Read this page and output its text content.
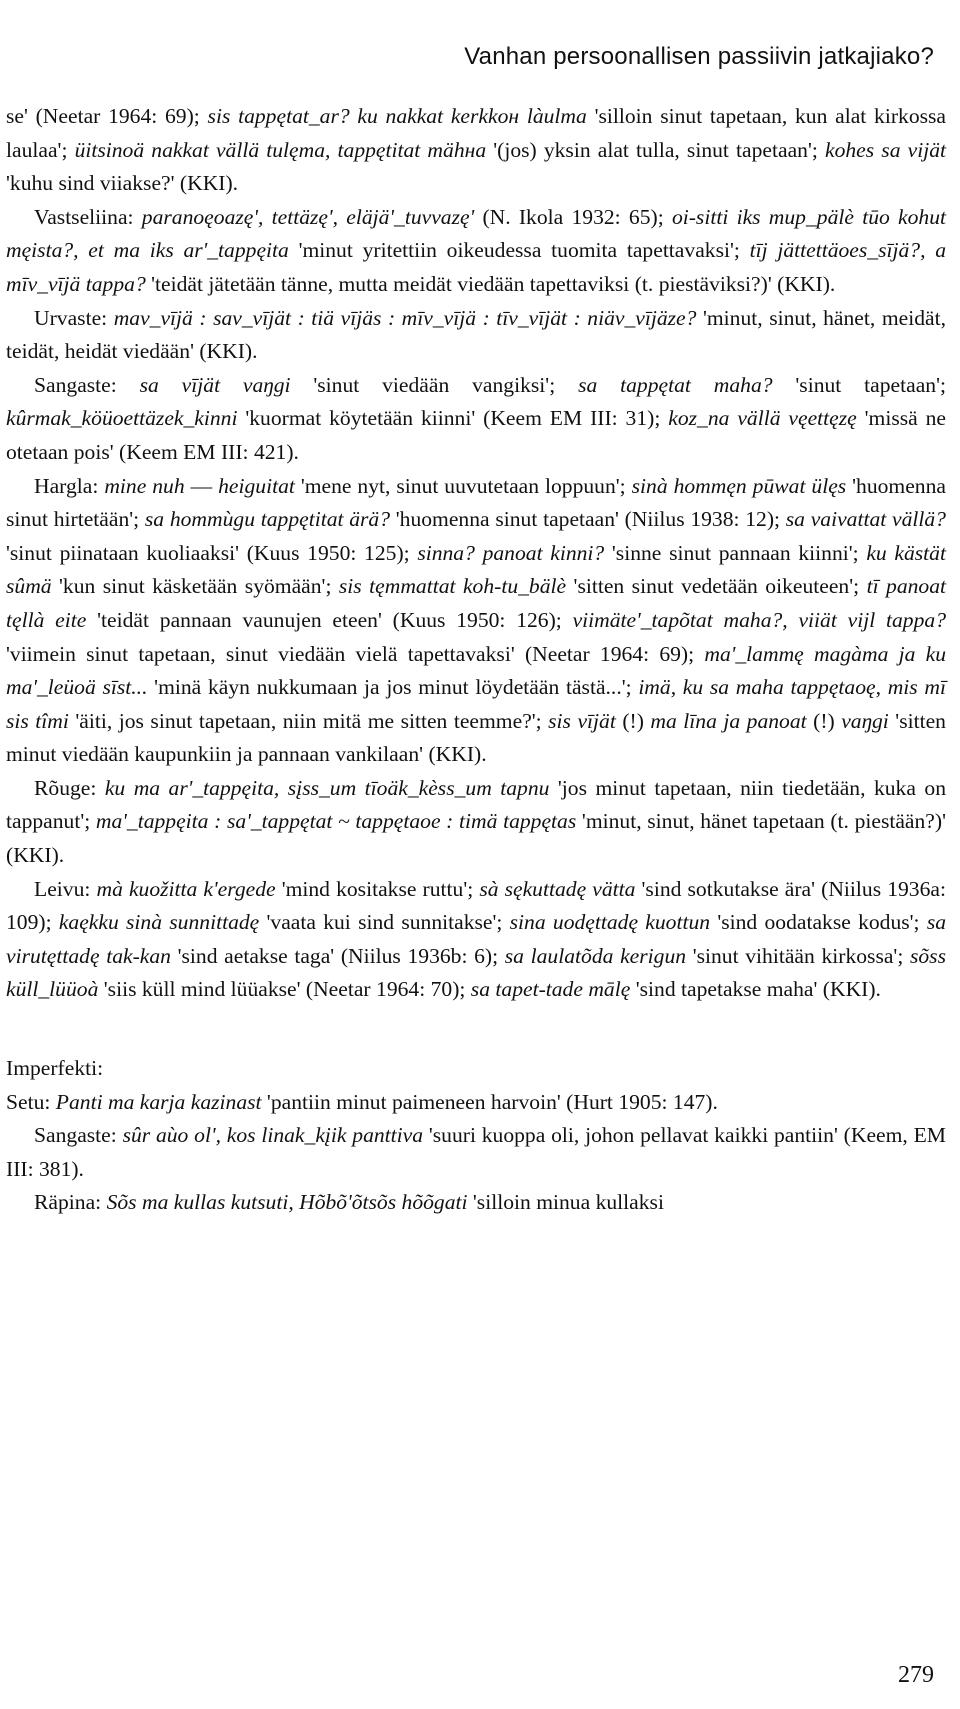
Vanhan persoonallisen passiivin jatkajiako?

se' (Neetar 1964: 69); sis tappętat_ar? ku nakkat kerkkoн làulma 'silloin sinut tapetaan, kun alat kirkossa laulaa'; üitsinoä nakkat vällä tulęma, tappętitat mähнa '(jos) yksin alat tulla, sinut tapetaan'; kohes sa vijät 'kuhu sind viiakse?' (KKI).

Vastseliina: paranoęoazę', tettäzę', eläjä'_tuvvazę' (N. Ikola 1932: 65); oi-sitti iks mup_pälè tūo kohut męista?, et ma iks ar'_tappęita 'minut yritettiin oikeudessa tuomita tapettavaksi'; tīj jättettäoes_sījä?, a mīv_vījä tappa? 'teidät jätetään tänne, mutta meidät viedään tapettaviksi (t. piestäviksi?)' (KKI).

Urvaste: mav_vījä : sav_vījät : tiä vījäs : mīv_vījä : tīv_vījät : niäv_vījäze? 'minut, sinut, hänet, meidät, teidät, heidät viedään' (KKI).

Sangaste: sa vījät vaŋgi 'sinut viedään vangiksi'; sa tappętat maha? 'sinut tapetaan'; kûrmak_köüoettäzek_kinni 'kuormat köytetään kiinni' (Keem EM III: 31); koz_na vällä vęettęzę 'missä ne otetaan pois' (Keem EM III: 421).

Hargla: mine nuh — heiguitat 'mene nyt, sinut uuvutetaan loppuun'; sinà hommęn pūwat ülęs 'huomenna sinut hirtetään'; sa hommùgu tappętitat ärä? 'huomenna sinut tapetaan' (Niilus 1938: 12); sa vaivattat vällä? 'sinut piinataan kuoliaaksi' (Kuus 1950: 125); sinna? panoat kinni? 'sinne sinut pannaan kiinni'; ku kästät sûmä 'kun sinut käsketään syömään'; sis tęmmattat koh-tu_bälè 'sitten sinut vedetään oikeuteen'; tī panoat tęllà eite 'teidät pannaan vaunujen eteen' (Kuus 1950: 126); viimäte'_tapõtat maha?, viiät vijl tappa? 'viimein sinut tapetaan, sinut viedään vielä tapettavaksi' (Neetar 1964: 69); ma'_lammę magàma ja ku ma'_leüoä sīst... 'minä käyn nukkumaan ja jos minut löydetään tästä...'; imä, ku sa maha tappętaoę, mis mī sis tîmi 'äiti, jos sinut tapetaan, niin mitä me sitten teemme?'; sis vījät (!) ma līna ja panoat (!) vaŋgi 'sitten minut viedään kaupunkiin ja pannaan vankilaan' (KKI).

Rõuge: ku ma ar'_tappęita, sįss_um tīoäk_kèss_um tapnu 'jos minut tapetaan, niin tiedetään, kuka on tappanut'; ma'_tappęita : sa'_tappętat ~ tappętaoe : timä tappętas 'minut, sinut, hänet tapetaan (t. piestään?)' (KKI).

Leivu: mà kuožitta k'ergede 'mind kositakse ruttu'; sà sękuttadę vätta 'sind sotkutakse ära' (Niilus 1936a: 109); kaękku sinà sunnittadę 'vaata kui sind sunnitakse'; sina uodęttadę kuottun 'sind oodatakse kodus'; sa virutęttadę tak-kan 'sind aetakse taga' (Niilus 1936b: 6); sa laulatõda kerigun 'sinut vihitään kirkossa'; sõss küll_lüüoà 'siis küll mind lüüakse' (Neetar 1964: 70); sa tapet-tade mālę 'sind tapetakse maha' (KKI).

Imperfekti:

Setu: Panti ma karja kazinast 'pantiin minut paimeneen harvoin' (Hurt 1905: 147).

Sangaste: sûr aùo ol', kos linak_kįik panttiva 'suuri kuoppa oli, johon pellavat kaikki pantiin' (Keem, EM III: 381).

Räpina: Sõs ma kullas kutsuti, Hõbõ'õtsõs hõõgati 'silloin minua kullaksi

279
